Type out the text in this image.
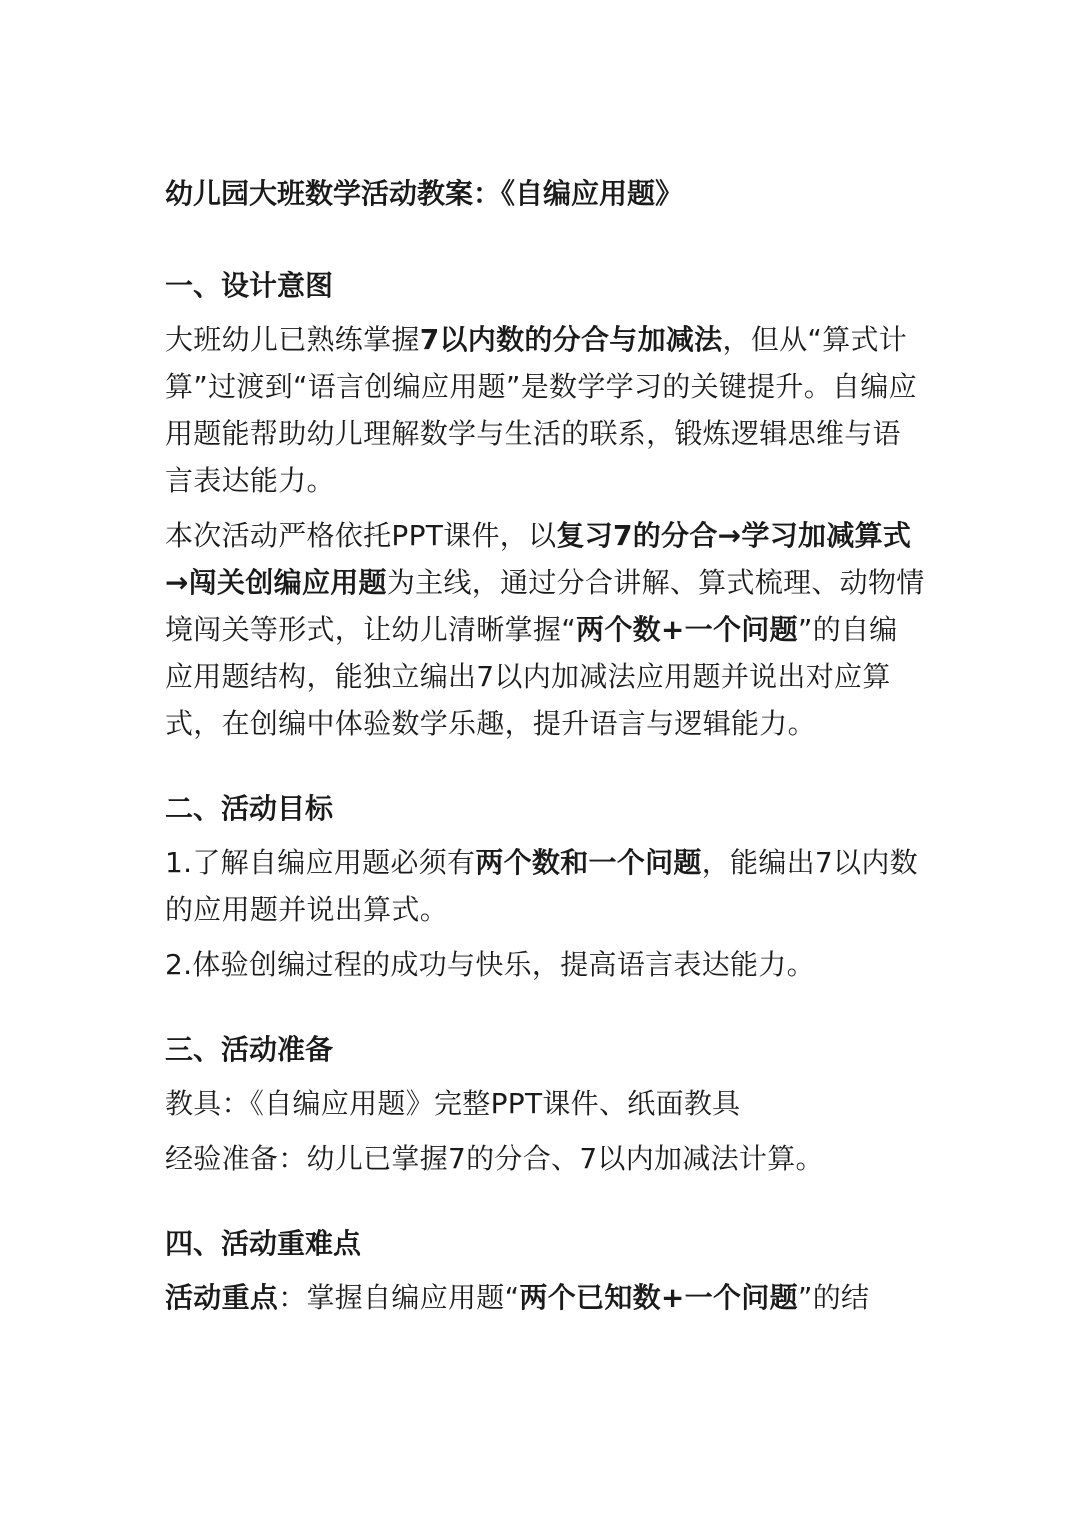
幼儿园大班数学活动教案：《自编应用题》
一、设计意图
大班幼儿已熟练掌握7以内数的分合与加减法，但从“算式计算”过渡到“语言创编应用题”是数学学习的关键提升。自编应用题能帮助幼儿理解数学与生活的联系，锻炼逻辑思维与语言表达能力。
本次活动严格依托PPT课件，以复习7的分合→学习加减算式→闯关创编应用题为主线，通过分合讲解、算式梳理、动物情境闯关等形式，让幼儿清晰掌握“两个数+一个问题”的自编应用题结构，能独立编出7以内加减法应用题并说出对应算式，在创编中体验数学乐趣，提升语言与逻辑能力。
二、活动目标
1.了解自编应用题必须有两个数和一个问题，能编出7以内数的应用题并说出算式。
2.体验创编过程的成功与快乐，提高语言表达能力。
三、活动准备
教具：《自编应用题》完整PPT课件、纸面教具
经验准备：幼儿已掌握7的分合、7以内加减法计算。
四、活动重难点
活动重点：掌握自编应用题“两个已知数+一个问题”的结
